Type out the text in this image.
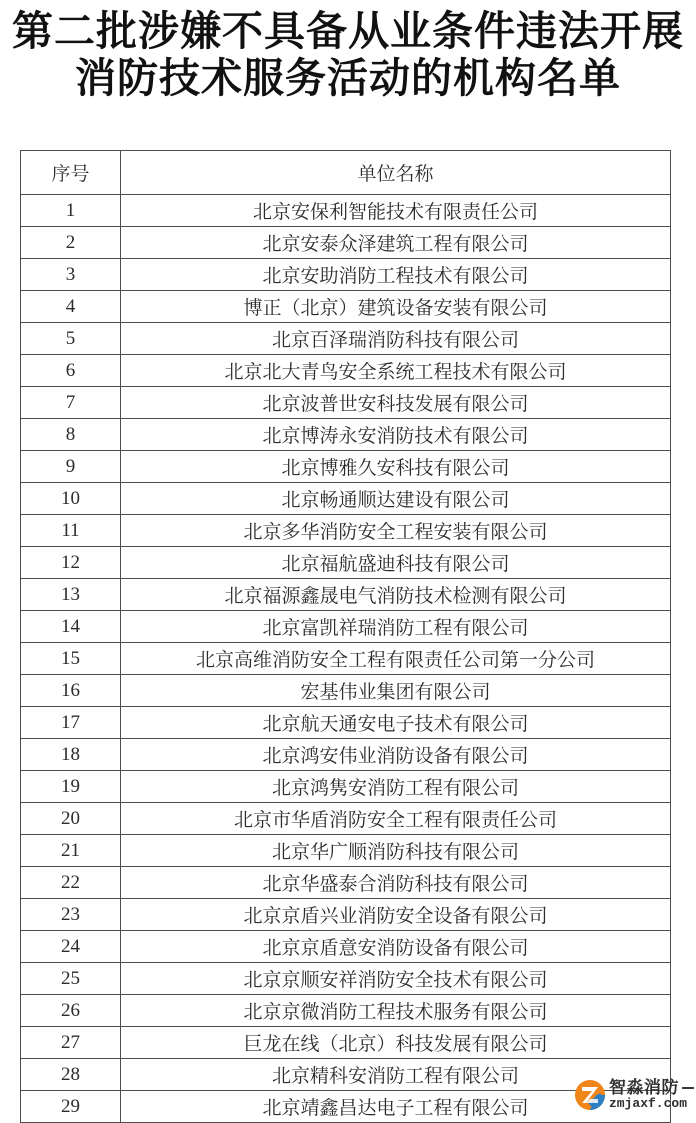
第二批涉嫌不具备从业条件违法开展
消防技术服务活动的机构名单
序号	单位名称
1	北京安保利智能技术有限责任公司
2	北京安泰众泽建筑工程有限公司
3	北京安助消防工程技术有限公司
4	博正（北京）建筑设备安装有限公司
5	北京百泽瑞消防科技有限公司
6	北京北大青鸟安全系统工程技术有限公司
7	北京波普世安科技发展有限公司
8	北京博涛永安消防技术有限公司
9	北京博雅久安科技有限公司
10	北京畅通顺达建设有限公司
11	北京多华消防安全工程安装有限公司
12	北京福航盛迪科技有限公司
13	北京福源鑫晟电气消防技术检测有限公司
14	北京富凯祥瑞消防工程有限公司
15	北京高维消防安全工程有限责任公司第一分公司
16	宏基伟业集团有限公司
17	北京航天通安电子技术有限公司
18	北京鸿安伟业消防设备有限公司
19	北京鸿隽安消防工程有限公司
20	北京市华盾消防安全工程有限责任公司
21	北京华广顺消防科技有限公司
22	北京华盛泰合消防科技有限公司
23	北京京盾兴业消防安全设备有限公司
24	北京京盾意安消防设备有限公司
25	北京京顺安祥消防安全技术有限公司
26	北京京微消防工程技术服务有限公司
27	巨龙在线（北京）科技发展有限公司
28	北京精科安消防工程有限公司
29	北京靖鑫昌达电子工程有限公司
智淼消防
zmjaxf.com
